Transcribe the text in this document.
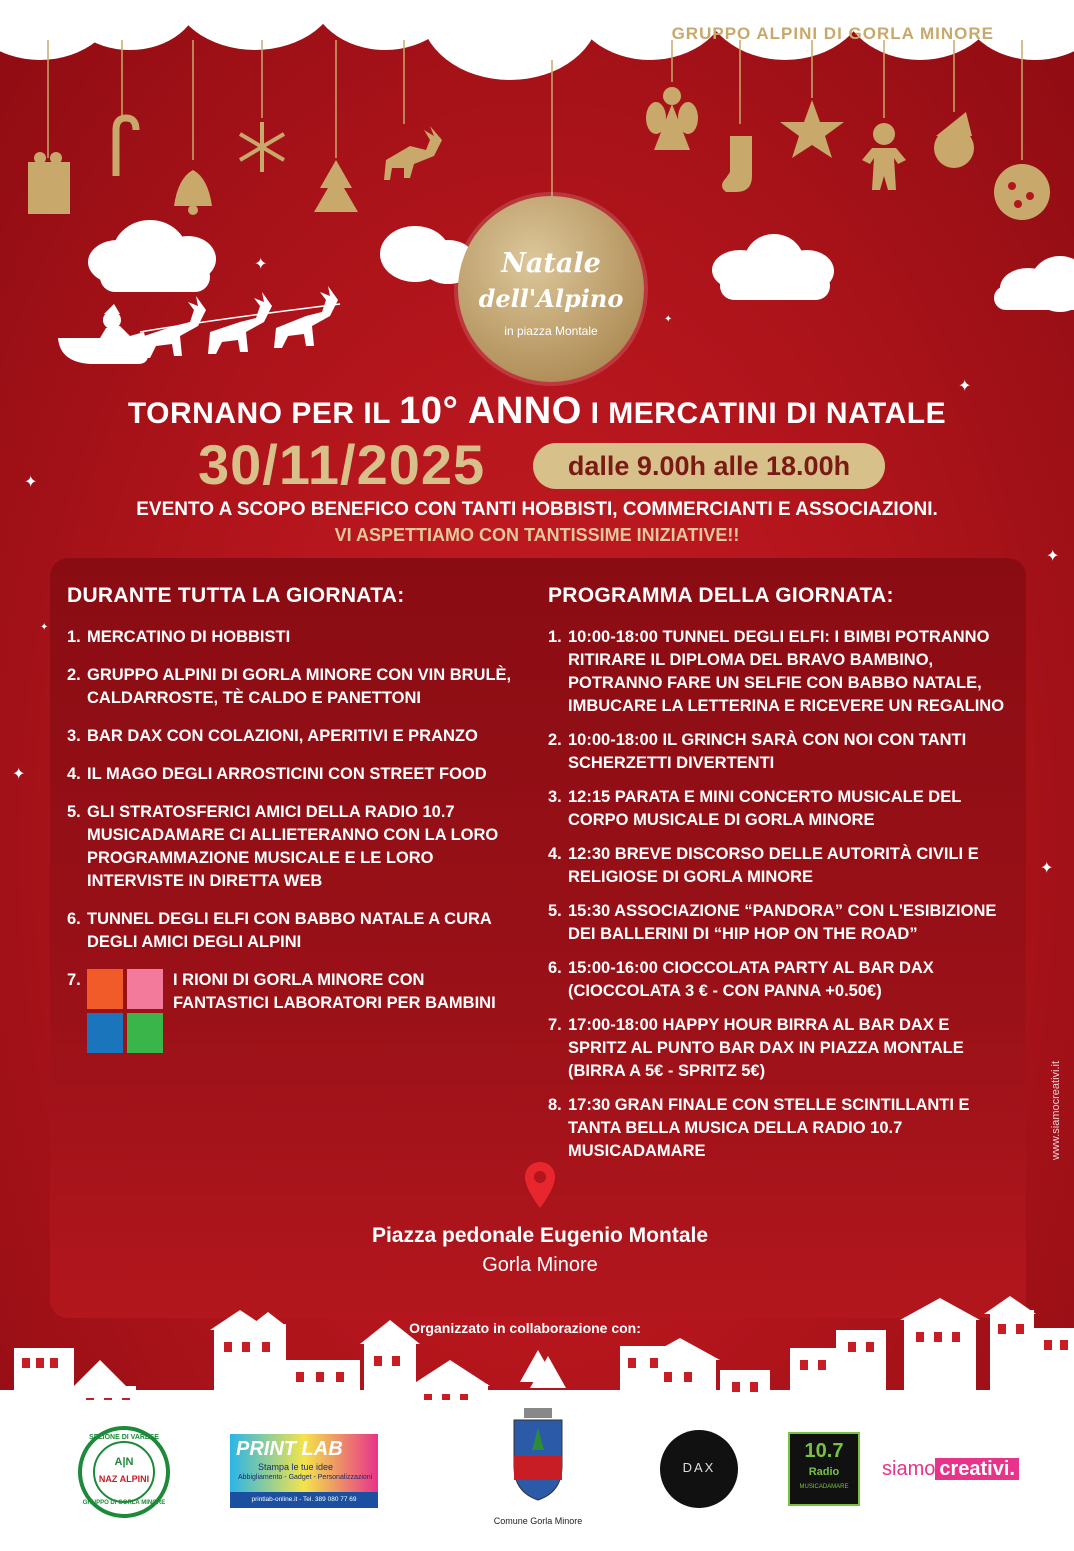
GRUPPO ALPINI DI GORLA MINORE
Natale
dell'Alpino
in piazza Montale
✦
✦
✦
✦
✦
✦
✦
✦
TORNANO PER IL 10° ANNO I MERCATINI DI NATALE
30/11/2025	dalle 9.00h alle 18.00h
EVENTO A SCOPO BENEFICO CON TANTI HOBBISTI, COMMERCIANTI E ASSOCIAZIONI.
VI ASPETTIAMO CON TANTISSIME INIZIATIVE!!
DURANTE TUTTA LA GIORNATA:
1. MERCATINO DI HOBBISTI
2. GRUPPO ALPINI DI GORLA MINORE CON VIN BRULÈ, CALDARROSTE, TÈ CALDO E PANETTONI
3. BAR DAX CON COLAZIONI, APERITIVI E PRANZO
4. IL MAGO DEGLI ARROSTICINI CON STREET FOOD
5. GLI STRATOSFERICI AMICI DELLA RADIO 10.7 MUSICADAMARE CI ALLIETERANNO CON LA LORO PROGRAMMAZIONE MUSICALE E LE LORO INTERVISTE IN DIRETTA WEB
6. TUNNEL DEGLI ELFI CON BABBO NATALE A CURA DEGLI AMICI DEGLI ALPINI
7.	I RIONI DI GORLA MINORE CON FANTASTICI LABORATORI PER BAMBINI
PROGRAMMA DELLA GIORNATA:
1. 10:00-18:00 TUNNEL DEGLI ELFI: I BIMBI POTRANNO RITIRARE IL DIPLOMA DEL BRAVO BAMBINO, POTRANNO FARE UN SELFIE CON BABBO NATALE, IMBUCARE LA LETTERINA E RICEVERE UN REGALINO
2. 10:00-18:00 IL GRINCH SARÀ CON NOI CON TANTI SCHERZETTI DIVERTENTI
3. 12:15 PARATA E MINI CONCERTO MUSICALE DEL CORPO MUSICALE DI GORLA MINORE
4. 12:30 BREVE DISCORSO DELLE AUTORITÀ CIVILI E RELIGIOSE DI GORLA MINORE
5. 15:30 ASSOCIAZIONE “PANDORA” CON L'ESIBIZIONE DEI BALLERINI DI “HIP HOP ON THE ROAD”
6. 15:00-16:00 CIOCCOLATA PARTY AL BAR DAX (CIOCCOLATA 3 € - CON PANNA +0.50€)
7. 17:00-18:00 HAPPY HOUR BIRRA AL BAR DAX E SPRITZ AL PUNTO BAR DAX IN PIAZZA MONTALE (BIRRA A 5€ - SPRITZ 5€)
8. 17:30 GRAN FINALE CON STELLE SCINTILLANTI E TANTA BELLA MUSICA DELLA RADIO 10.7 MUSICADAMARE
Piazza pedonale Eugenio Montale
Gorla Minore
www.siamocreativi.it
Organizzato in collaborazione con:
SEZIONE DI VARESE
A|N
NAZ ALPINI
GRUPPO DI GORLA MINORE
PRINT LAB
Stampa le tue idee
Abbigliamento - Gadget - Personalizzazioni
printlab-online.it - Tel. 389 080 77 69
Comune Gorla Minore
DAX
10.7
Radio
MUSICADAMARE
siamo creativi.
